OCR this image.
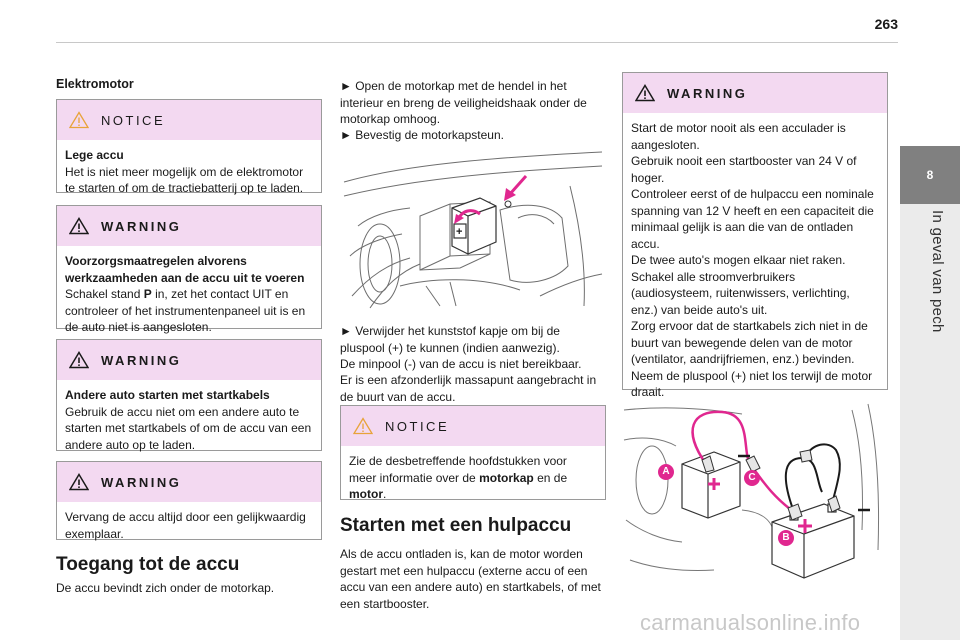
263
8
In geval van pech
Elektromotor
NOTICE
Lege accu
Het is niet meer mogelijk om de elektromotor te starten of om de tractiebatterij op te laden.
WARNING
Voorzorgsmaatregelen alvorens werkzaamheden aan de accu uit te voeren
Schakel stand P in, zet het contact UIT en controleer of het instrumentenpaneel uit is en de auto niet is aangesloten.
WARNING
Andere auto starten met startkabels
Gebruik de accu niet om een andere auto te starten met startkabels of om de accu van een andere auto op te laden.
WARNING
Vervang de accu altijd door een gelijkwaardig exemplaar.
Toegang tot de accu
De accu bevindt zich onder de motorkap.
► Open de motorkap met de hendel in het interieur en breng de veiligheidshaak onder de motorkap omhoog.
► Bevestig de motorkapsteun.
+
► Verwijder het kunststof kapje om bij de pluspool (+) te kunnen (indien aanwezig).
De minpool (-) van de accu is niet bereikbaar.
Er is een afzonderlijk massapunt aangebracht in de buurt van de accu.
NOTICE
Zie de desbetreffende hoofdstukken voor meer informatie over de motorkap en de motor.
Starten met een hulpaccu
Als de accu ontladen is, kan de motor worden gestart met een hulpaccu (externe accu of een accu van een andere auto) en startkabels, of met een startbooster.
WARNING
Start de motor nooit als een acculader is aangesloten.
Gebruik nooit een startbooster van 24 V of hoger.
Controleer eerst of de hulpaccu een nominale spanning van 12 V heeft en een capaciteit die minimaal gelijk is aan die van de ontladen accu.
De twee auto's mogen elkaar niet raken.
Schakel alle stroomverbruikers (audiosysteem, ruitenwissers, verlichting, enz.) van beide auto's uit.
Zorg ervoor dat de startkabels zich niet in de buurt van bewegende delen van de motor (ventilator, aandrijfriemen, enz.) bevinden.
Neem de pluspool (+) niet los terwijl de motor draait.
A
C
B
carmanualsonline.info
